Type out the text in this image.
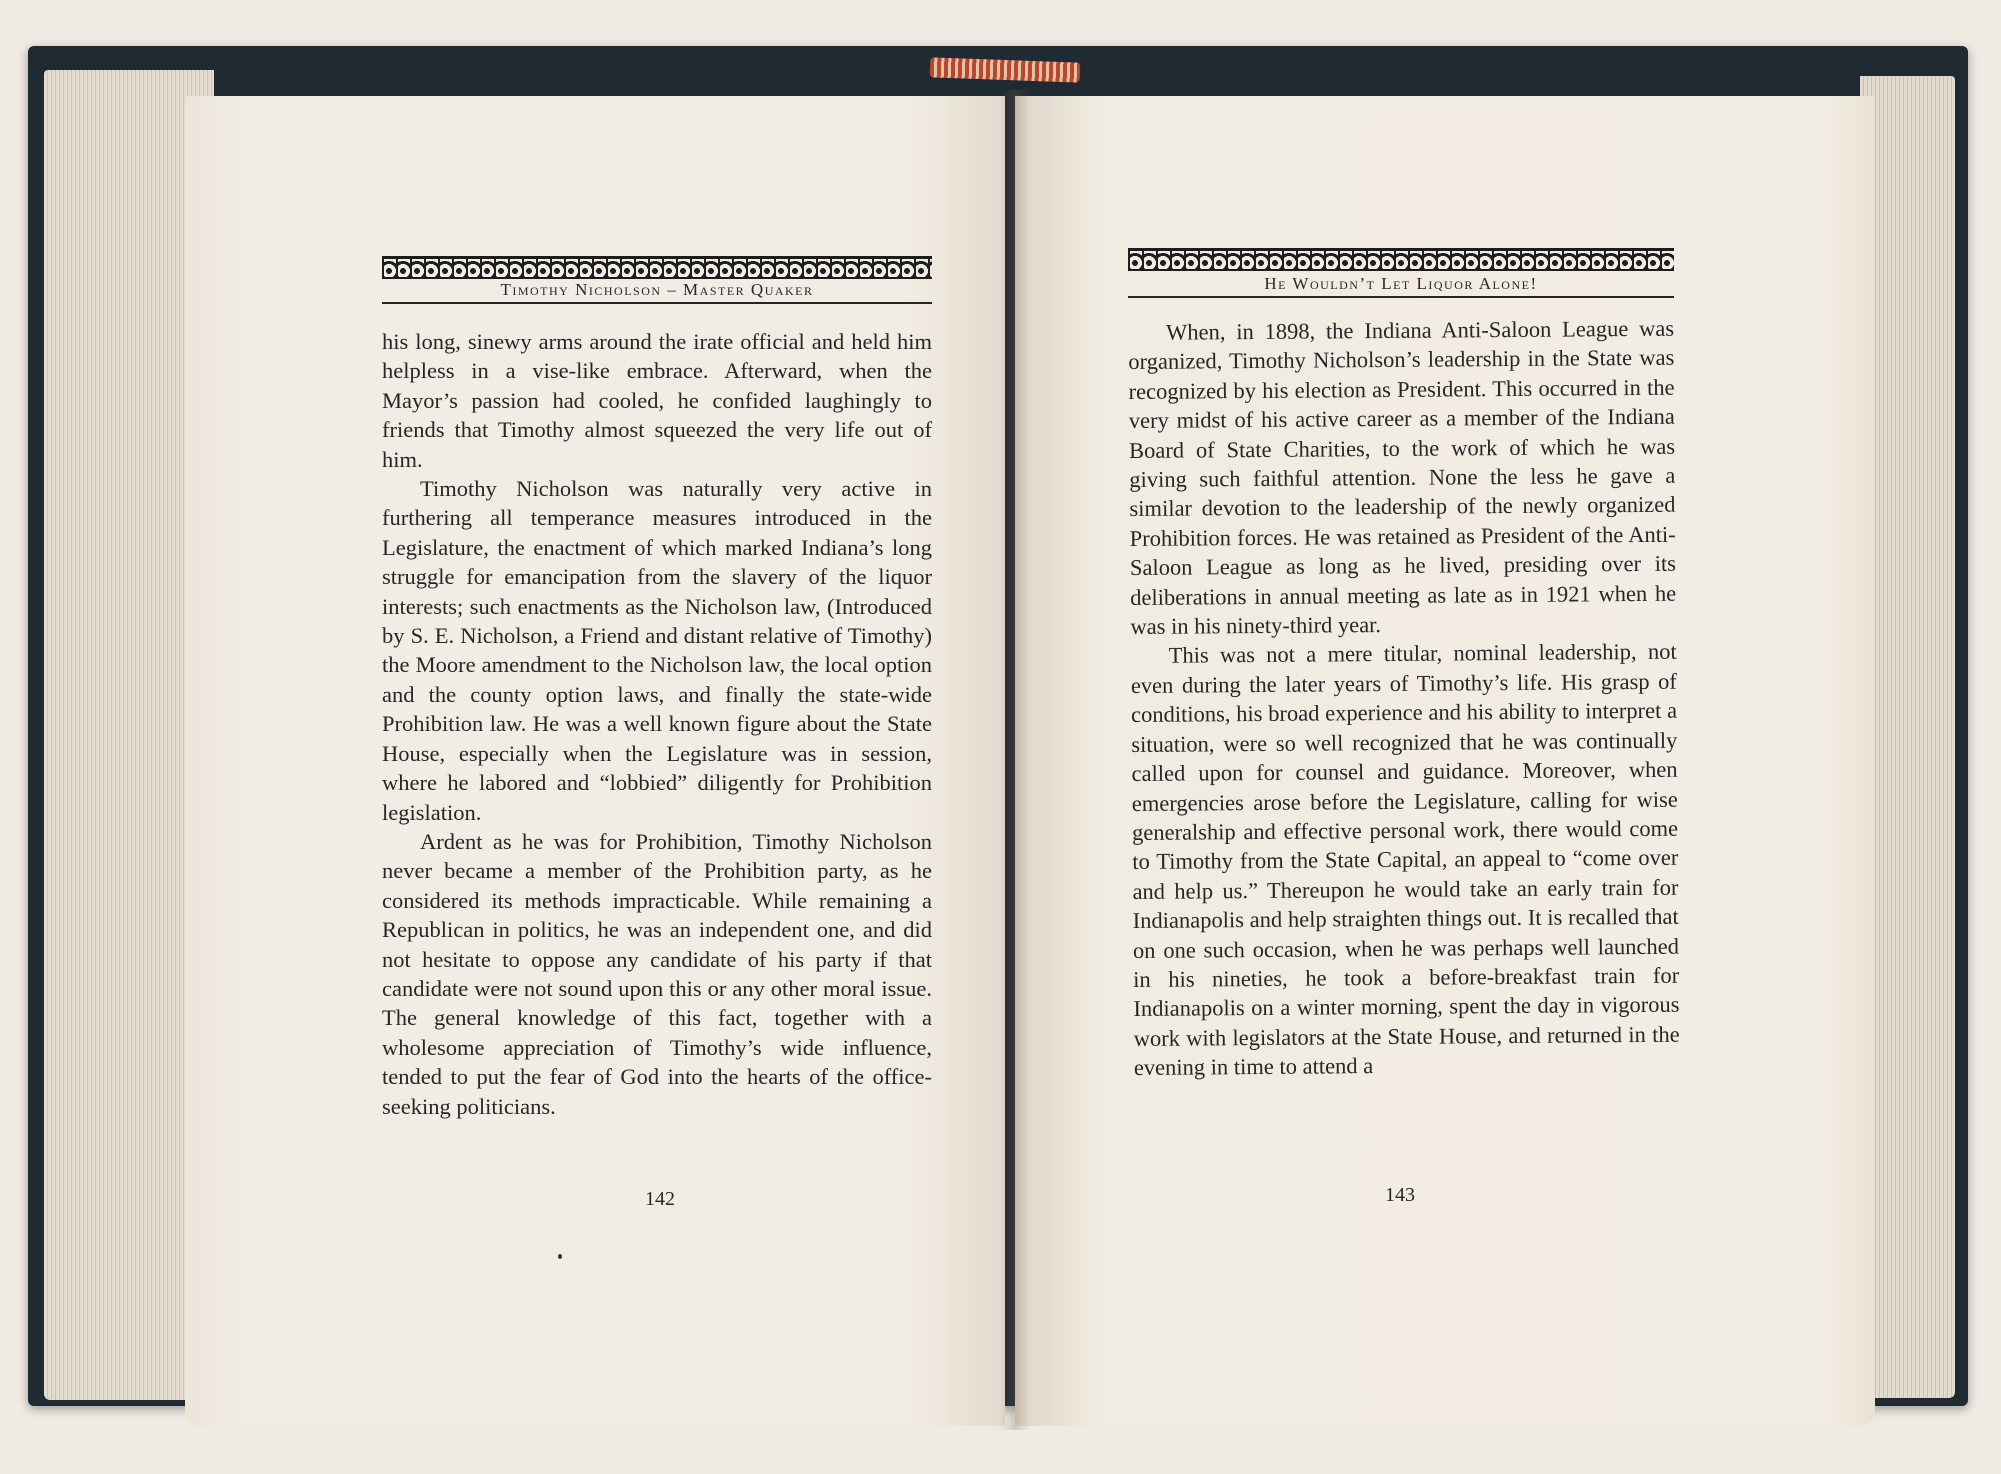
Timothy Nicholson – Master Quaker

his long, sinewy arms around the irate official and held him helpless in a vise-like embrace. Afterward, when the Mayor’s passion had cooled, he confided laughingly to friends that Timothy almost squeezed the very life out of him.

Timothy Nicholson was naturally very active in furthering all temperance measures introduced in the Legislature, the enactment of which marked Indiana’s long struggle for emancipation from the slavery of the liquor interests; such enactments as the Nicholson law, (Introduced by S. E. Nicholson, a Friend and distant relative of Timothy) the Moore amendment to the Nicholson law, the local option and the county option laws, and finally the state-wide Prohibition law. He was a well known figure about the State House, especially when the Legislature was in session, where he labored and “lobbied” diligently for Prohibition legislation.

Ardent as he was for Prohibition, Timothy Nicholson never became a member of the Prohibition party, as he considered its methods impracticable. While remaining a Republican in politics, he was an independent one, and did not hesitate to oppose any candidate of his party if that candidate were not sound upon this or any other moral issue. The general knowledge of this fact, together with a wholesome appreciation of Timothy’s wide influence, tended to put the fear of God into the hearts of the office-seeking politicians.

142
He Wouldn’t Let Liquor Alone!

When, in 1898, the Indiana Anti-Saloon League was organized, Timothy Nicholson’s leadership in the State was recognized by his election as President. This occurred in the very midst of his active career as a member of the Indiana Board of State Charities, to the work of which he was giving such faithful attention. None the less he gave a similar devotion to the leadership of the newly organized Prohibition forces. He was retained as President of the Anti-Saloon League as long as he lived, presiding over its deliberations in annual meeting as late as in 1921 when he was in his ninety-third year.

This was not a mere titular, nominal leadership, not even during the later years of Timothy’s life. His grasp of conditions, his broad experience and his ability to interpret a situation, were so well recognized that he was continually called upon for counsel and guidance. Moreover, when emergencies arose before the Legislature, calling for wise generalship and effective personal work, there would come to Timothy from the State Capital, an appeal to “come over and help us.” Thereupon he would take an early train for Indianapolis and help straighten things out. It is recalled that on one such occasion, when he was perhaps well launched in his nineties, he took a before-breakfast train for Indianapolis on a winter morning, spent the day in vigorous work with legislators at the State House, and returned in the evening in time to attend a

143
